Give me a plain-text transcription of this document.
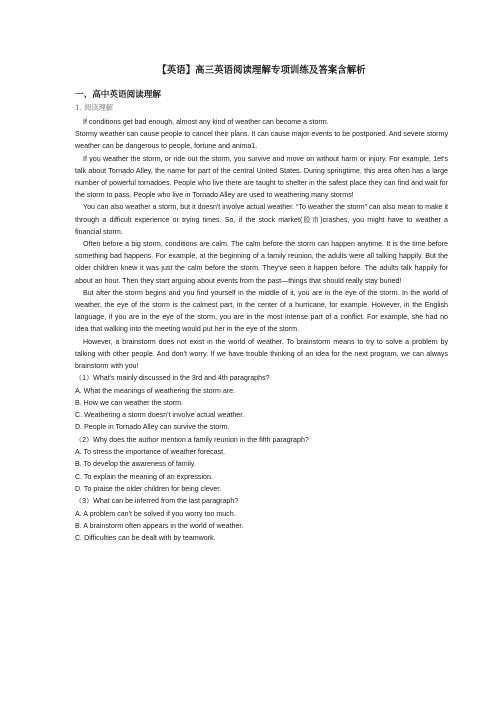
【英语】高三英语阅读理解专项训练及答案含解析
一、高中英语阅读理解
1. 阅读理解

If conditions get bad enough, almost any kind of weather can become a storm.

Stormy weather can cause people to cancel their plans. It can cause major events to be postponed. And severe stormy weather can be dangerous to people, fortune and anima1.

If you weather the storm, or ride out the storm, you survive and move on without harm or injury. For example, 1et's talk about Tornado Alley, the name for part of the central United States. During springtime, this area often has a large number of powerful tornadoes. People who live there are taught to shelter in the safest place they can find and wait for the storm to pass. People who live in Tornado Alley are used to weathering many storms!

You can also weather a storm, but it doesn't involve actual weather. “To weather the storm” can also mean to make it through a difficult experience or trying times. So, if the stock market(股市)crashes, you might have to weather a financial storm.

Often before a big storm, conditions are calm. The calm before the storm can happen anytime. It is the time before something bad happens. For example, at the beginning of a family reunion, the adults were all talking happily. But the older children knew it was just the calm before the storm. They've seen it happen before. The adults talk happily for about an hour. Then they start arguing about events from the past—things that should really stay buried!

But after the storm begins and you find yourself in the middle of it, you are in the eye of the storm. In the world of weather, the eye of the storm is the calmest part, in the center of a hurricane, for example. However, in the English language, if you are in the eye of the storm, you are in the most intense part of a conflict. For example, she had no idea that walking into the meeting would put her in the eye of the storm.

However, a brainstorm does not exist in the world of weather. To brainstorm means to try to solve a problem by talking with other people. And don't worry. If we have trouble thinking of an idea for the next program, we can always brainstorm with you!

（1）What's mainly discussed in the 3rd and 4th paragraphs?

A. What the meanings of weathering the storm are.

B. How we can weather the storm.

C. Weathering a storm doesn't involve actual weather.

D. People in Tornado Alley can survive the storm.

（2）Why does the author mention a family reunion in the fifth paragraph?

A. To stress the importance of weather forecast.

B. To develop the awareness of family.

C. To explain the meaning of an expression.

D. To praise the older children for being clever.

（3）What can be inferred from the last paragraph?

A. A problem can't be solved if you worry too much.

B. A brainstorm often appears in the world of weather.

C. Difficulties can be dealt with by teamwork.
